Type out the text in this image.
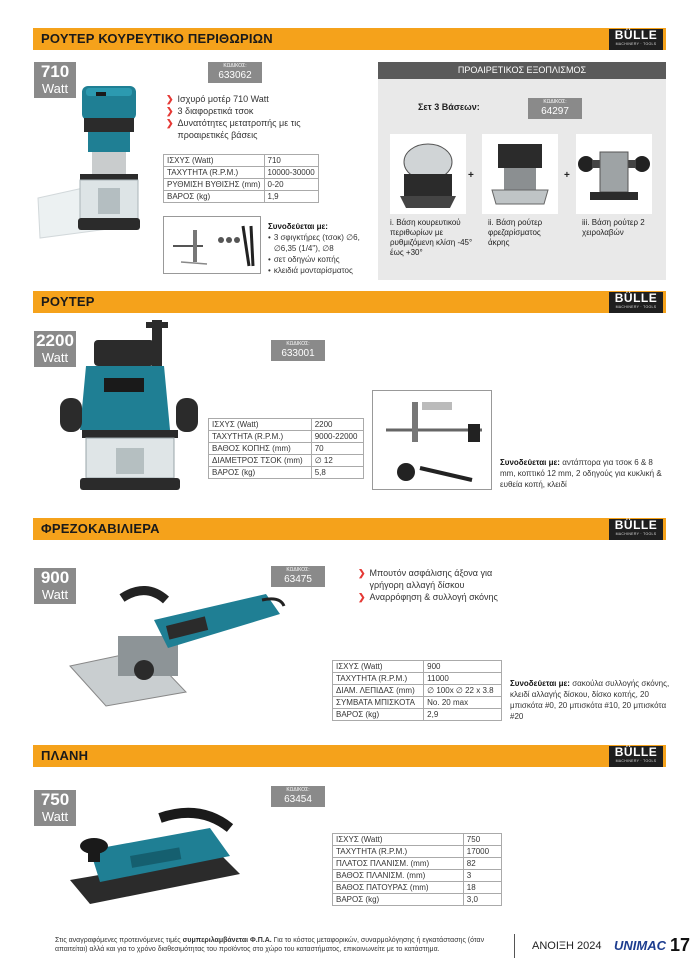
ΡΟΥΤΕΡ ΚΟΥΡΕΥΤΙΚΟ ΠΕΡΙΘΩΡΙΩΝ	BÜLLE
MACHINERY · TOOLS
710
Watt
ΚΩΔΙΚΟΣ:
633062
❯ Ισχυρό μοτέρ 710 Watt
❯ 3 διαφορετικά τσοκ
❯ Δυνατότητες μετατροπής με τις προαιρετικές βάσεις
ΙΣΧΥΣ (Watt)	710
ΤΑΧΥΤΗΤΑ (R.P.M.)	10000-30000
ΡΥΘΜΙΣΗ ΒΥΘΙΣΗΣ (mm)	0-20
ΒΑΡΟΣ (kg)	1,9
Συνοδεύεται με:
• 3 σφιγκτήρες (τσοκ) ∅6, ∅6,35 (1/4"), ∅8
• σετ οδηγών κοπής
• κλειδιά μονταρίσματος
ΠΡΟΑΙΡΕΤΙΚΟΣ ΕΞΟΠΛΙΣΜΟΣ
Σετ 3 Βάσεων:	ΚΩΔΙΚΟΣ:
64297
+	+
i. Βάση κουρευτικού περιθωρίων με ρυθμιζόμενη κλίση -45° έως +30°
ii. Βάση ρούτερ φρεζαρίσματος άκρης
iii. Βάση ρούτερ 2 χειρολαβών
ΡΟΥΤΕΡ	BÜLLE
MACHINERY · TOOLS
2200
Watt
ΚΩΔΙΚΟΣ:
633001
ΙΣΧΥΣ (Watt)	2200
ΤΑΧΥΤΗΤΑ (R.P.M.)	9000-22000
ΒΑΘΟΣ ΚΟΠΗΣ (mm)	70
ΔΙΑΜΕΤΡΟΣ ΤΣΟΚ (mm)	∅ 12
ΒΑΡΟΣ (kg)	5,8
Συνοδεύεται με: αντάπτορα για τσοκ 6 & 8 mm, κοπτικό 12 mm, 2 οδηγούς για κυκλική & ευθεία κοπή, κλειδί
ΦΡΕΖΟΚΑΒΙΛΙΕΡΑ	BÜLLE
MACHINERY · TOOLS
900
Watt
ΚΩΔΙΚΟΣ:
63475
❯ Μπουτόν ασφάλισης άξονα για γρήγορη αλλαγή δίσκου
❯ Αναρρόφηση & συλλογή σκόνης
ΙΣΧΥΣ (Watt)	900
ΤΑΧΥΤΗΤΑ (R.P.M.)	11000
ΔΙΑΜ. ΛΕΠΙΔΑΣ (mm)	∅ 100x ∅ 22 x 3.8
ΣΥΜΒΑΤΑ ΜΠΙΣΚΟΤΑ	No. 20 max
ΒΑΡΟΣ (kg)	2,9
Συνοδεύεται με: σακούλα συλλογής σκόνης, κλειδί αλλαγής δίσκου, δίσκο κοπής, 20 μπισκότα #0, 20 μπισκότα #10, 20 μπισκότα #20
ΠΛΑΝΗ	BÜLLE
MACHINERY · TOOLS
750
Watt
ΚΩΔΙΚΟΣ:
63454
ΙΣΧΥΣ (Watt)	750
ΤΑΧΥΤΗΤΑ (R.P.M.)	17000
ΠΛΑΤΟΣ ΠΛΑΝΙΣΜ. (mm)	82
ΒΑΘΟΣ ΠΛΑΝΙΣΜ. (mm)	3
ΒΑΘΟΣ ΠΑΤΟΥΡΑΣ (mm)	18
ΒΑΡΟΣ (kg)	3,0
Στις αναγραφόμενες προτεινόμενες τιμές συμπεριλαμβάνεται Φ.Π.Α. Για το κόστος μεταφορικών, συναρμολόγησης ή εγκατάστασης (όταν απαιτείται) αλλά και για το χρόνο διαθεσιμότητας του προϊόντος στο χώρο του καταστήματος, επικοινωνείτε με το κατάστημα.	ΑΝΟΙΞΗ 2024 UNIMAC 17
